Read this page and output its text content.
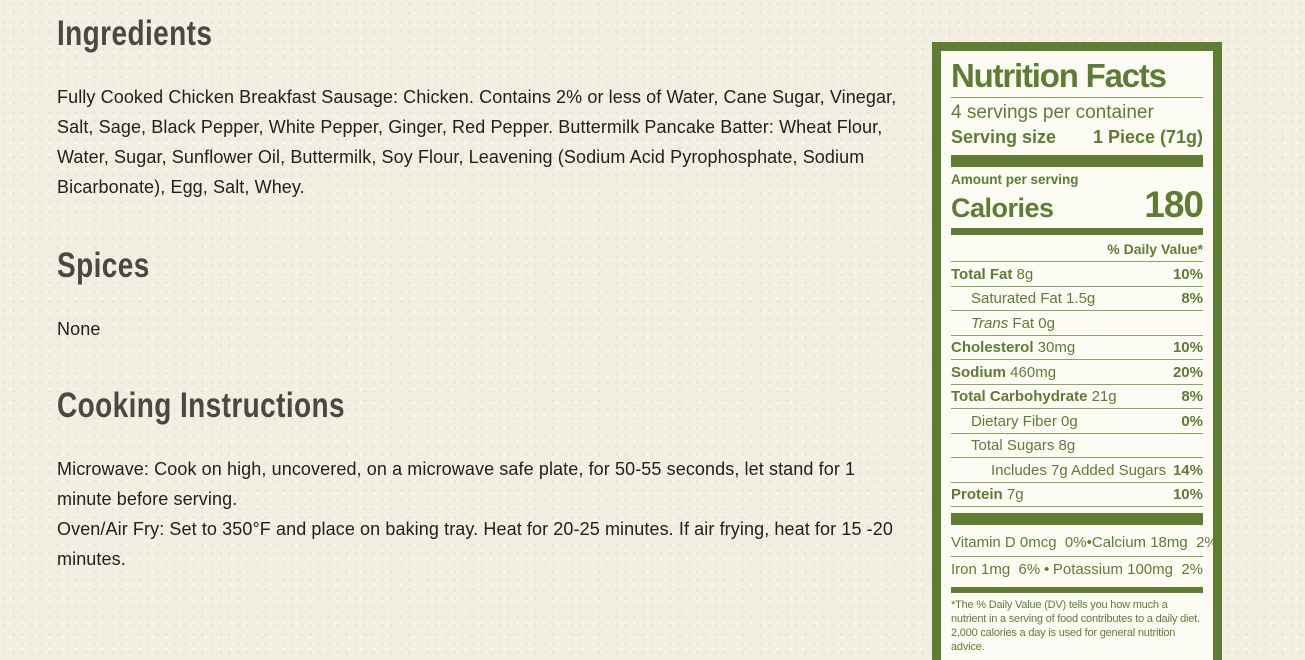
Ingredients
Fully Cooked Chicken Breakfast Sausage: Chicken. Contains 2% or less of Water, Cane Sugar, Vinegar, Salt, Sage, Black Pepper, White Pepper, Ginger, Red Pepper. Buttermilk Pancake Batter: Wheat Flour, Water, Sugar, Sunflower Oil, Buttermilk, Soy Flour, Leavening (Sodium Acid Pyrophosphate, Sodium Bicarbonate), Egg, Salt, Whey.
Spices
None
Cooking Instructions
Microwave: Cook on high, uncovered, on a microwave safe plate, for 50-55 seconds, let stand for 1 minute before serving.
Oven/Air Fry: Set to 350°F and place on baking tray. Heat for 20-25 minutes. If air frying, heat for 15 -20 minutes.
Nutrition Facts
4 servings per container
Serving size 1 Piece (71g)
Amount per serving
Calories 180
% Daily Value*
Total Fat 8g	10%
Saturated Fat 1.5g	8%
Trans Fat 0g
Cholesterol 30mg	10%
Sodium 460mg	20%
Total Carbohydrate 21g	8%
Dietary Fiber 0g	0%
Total Sugars 8g
Includes 7g Added Sugars 14%
Protein 7g	10%
Vitamin D 0mcg  0% • Calcium 18mg  2%
Iron 1mg  6% • Potassium 100mg  2%
*The % Daily Value (DV) tells you how much a nutrient in a serving of food contributes to a daily diet. 2,000 calories a day is used for general nutrition advice.
